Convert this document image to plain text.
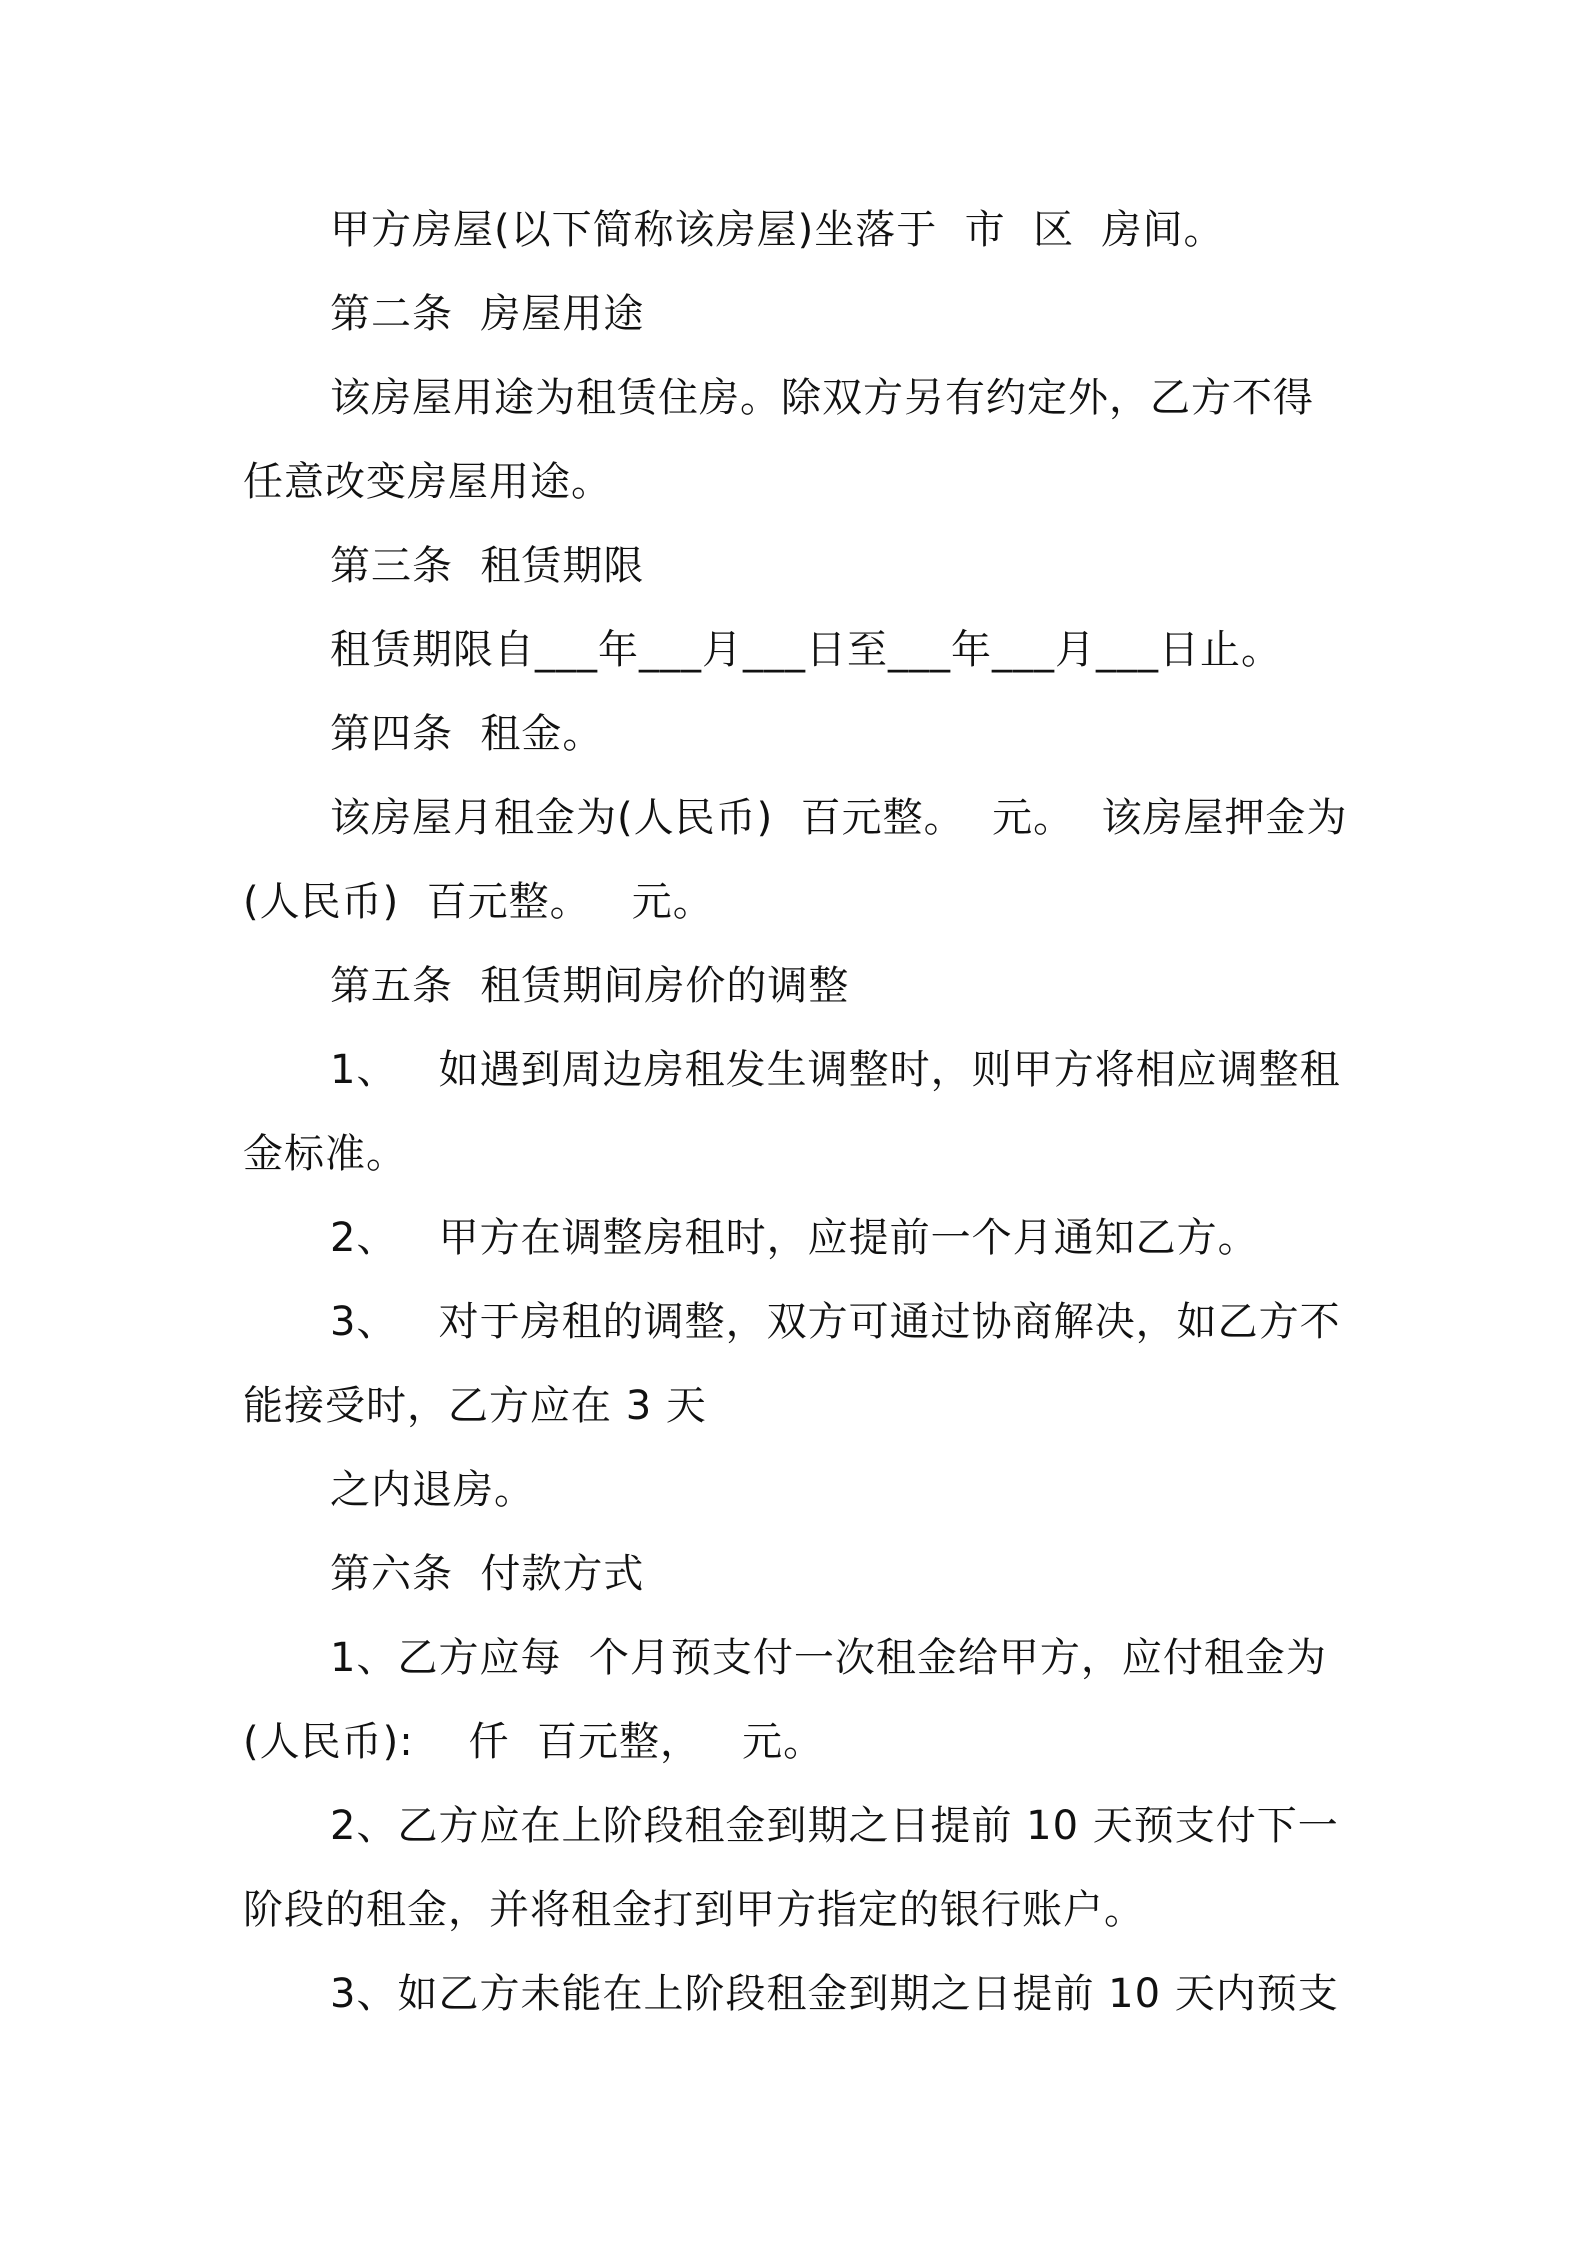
甲方房屋(以下简称该房屋)坐落于  市  区  房间。
第二条  房屋用途
该房屋用途为租赁住房。除双方另有约定外，乙方不得
任意改变房屋用途。
第三条  租赁期限
租赁期限自___年___月___日至___年___月___日止。
第四条  租金。
该房屋月租金为(人民币)  百元整。  元。  该房屋押金为
(人民币)  百元整。   元。
第五条  租赁期间房价的调整
1、   如遇到周边房租发生调整时，则甲方将相应调整租
金标准。
2、   甲方在调整房租时，应提前一个月通知乙方。
3、   对于房租的调整，双方可通过协商解决，如乙方不
能接受时，乙方应在 3 天
之内退房。
第六条  付款方式
1、乙方应每  个月预支付一次租金给甲方，应付租金为
(人民币):    仟  百元整，   元。
2、乙方应在上阶段租金到期之日提前 10 天预支付下一
阶段的租金，并将租金打到甲方指定的银行账户。
3、如乙方未能在上阶段租金到期之日提前 10 天内预支
